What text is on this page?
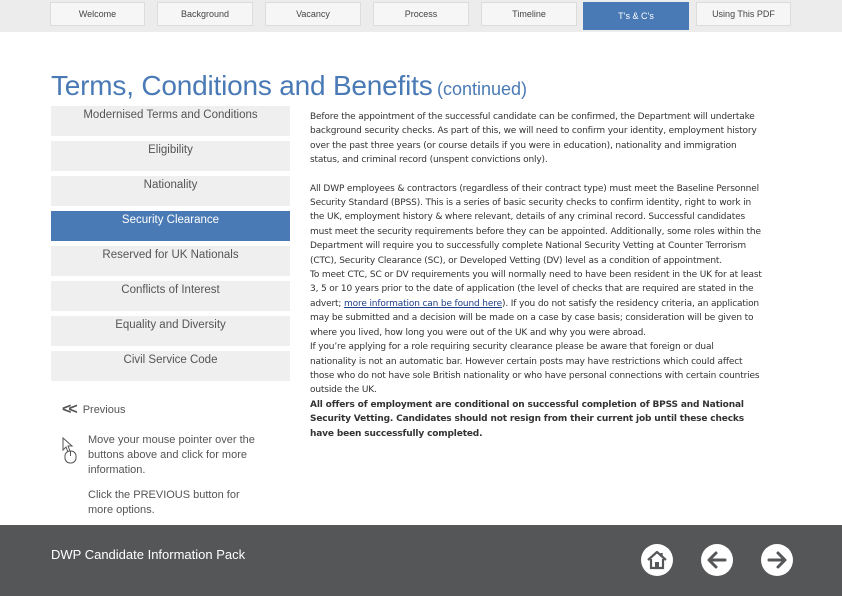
Welcome	Background	Vacancy	Process	Timeline	T’s & C’s	Using This PDF
Terms, Conditions and Benefits (continued)
Modernised Terms and Conditions
Eligibility
Nationality
Security Clearance
Reserved for UK Nationals
Conflicts of Interest
Equality and Diversity
Civil Service Code
<< Previous
Move your mouse pointer over the buttons above and click for more information.
Click the PREVIOUS button for more options.

Before the appointment of the successful candidate can be confirmed, the Department will undertake background security checks. As part of this, we will need to confirm your identity, employment history over the past three years (or course details if you were in education), nationality and immigration status, and criminal record (unspent convictions only).

All DWP employees & contractors (regardless of their contract type) must meet the Baseline Personnel Security Standard (BPSS). This is a series of basic security checks to confirm identity, right to work in the UK, employment history & where relevant, details of any criminal record. Successful candidates must meet the security requirements before they can be appointed. Additionally, some roles within the Department will require you to successfully complete National Security Vetting at Counter Terrorism (CTC), Security Clearance (SC), or Developed Vetting (DV) level as a condition of appointment.

To meet CTC, SC or DV requirements you will normally need to have been resident in the UK for at least 3, 5 or 10 years prior to the date of application (the level of checks that are required are stated in the advert; more information can be found here). If you do not satisfy the residency criteria, an application may be submitted and a decision will be made on a case by case basis; consideration will be given to where you lived, how long you were out of the UK and why you were abroad.

If you’re applying for a role requiring security clearance please be aware that foreign or dual nationality is not an automatic bar. However certain posts may have restrictions which could affect those who do not have sole British nationality or who have personal connections with certain countries outside the UK.

All offers of employment are conditional on successful completion of BPSS and National Security Vetting. Candidates should not resign from their current job until these checks have been successfully completed.

DWP Candidate Information Pack
